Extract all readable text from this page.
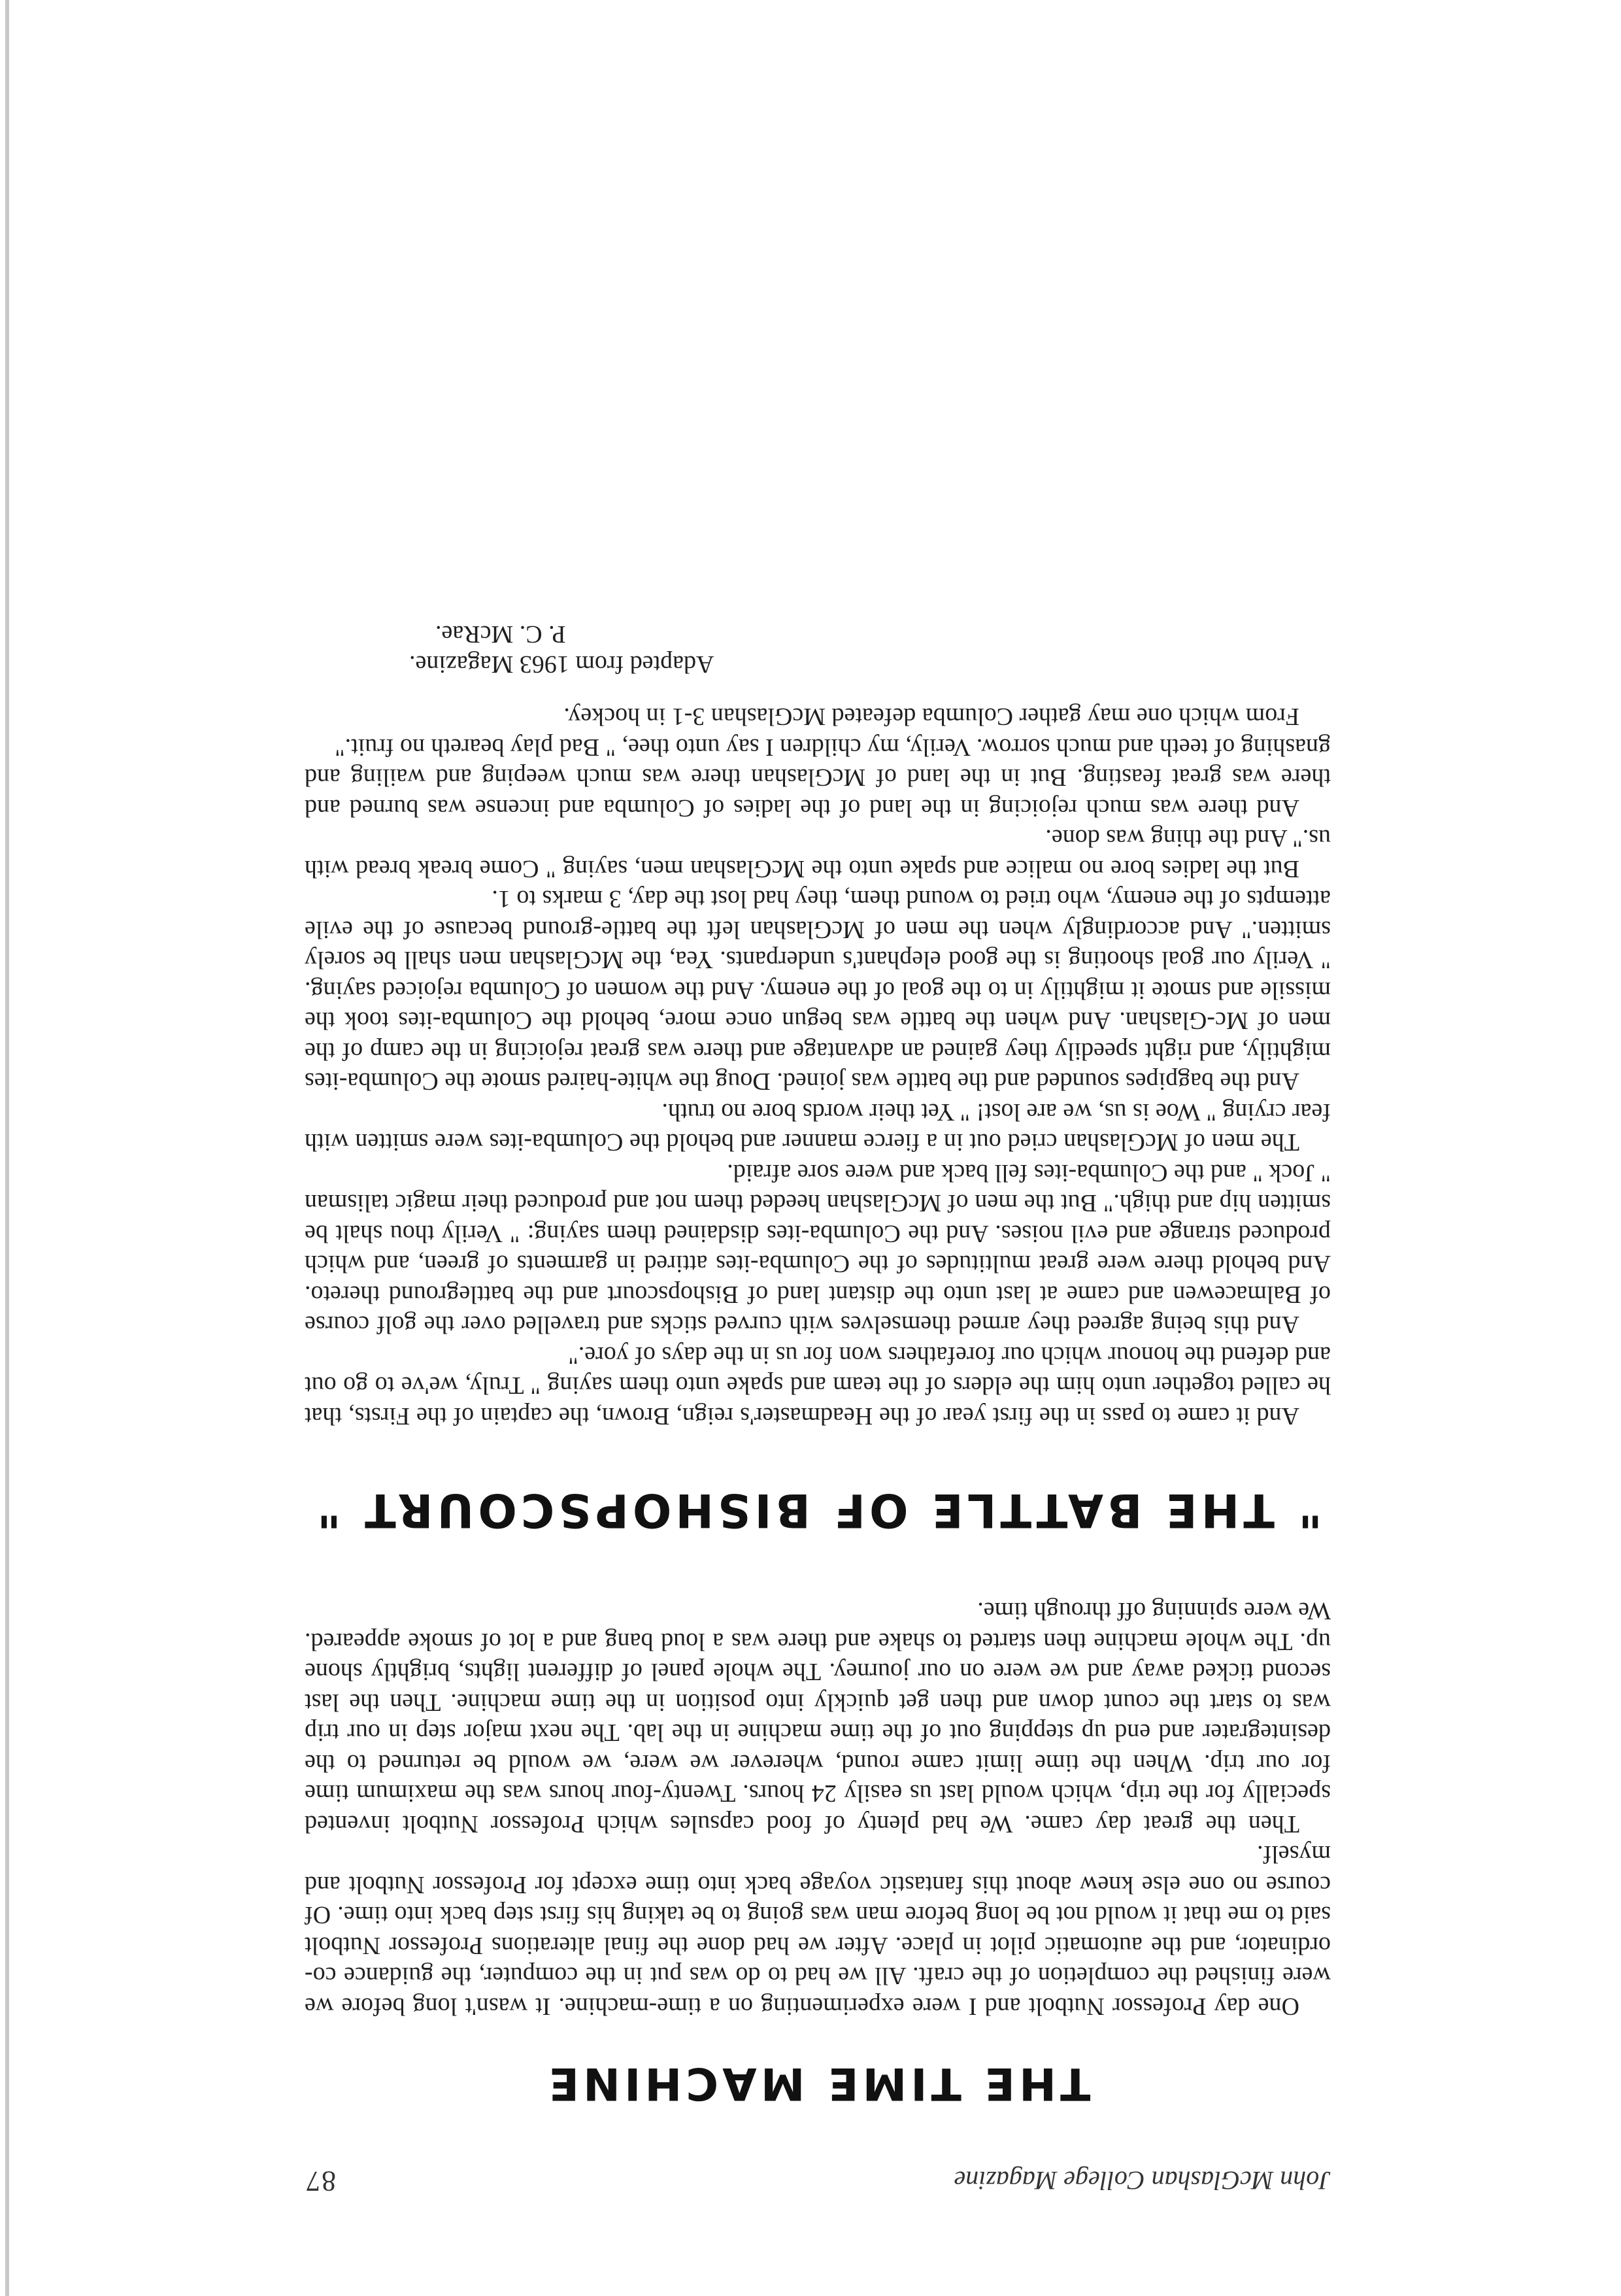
John McGlashan College Magazine
87
THE TIME MACHINE

One day Professor Nutbolt and I were experimenting on a time-machine. It wasn't long before we were finished the completion of the craft. All we had to do was put in the computer, the guidance co-ordinator, and the automatic pilot in place. After we had done the final alterations Professor Nutbolt said to me that it would not be long before man was going to be taking his first step back into time. Of course no one else knew about this fantastic voyage back into time except for Professor Nutbolt and myself.

Then the great day came. We had plenty of food capsules which Professor Nutbolt invented specially for the trip, which would last us easily 24 hours. Twenty-four hours was the maximum time for our trip. When the time limit came round, wherever we were, we would be returned to the desintegrater and end up stepping out of the time machine in the lab. The next major step in our trip was to start the count down and then get quickly into position in the time machine. Then the last second ticked away and we were on our journey. The whole panel of different lights, brightly shone up. The whole machine then started to shake and there was a loud bang and a lot of smoke appeared. We were spinning off through time.

" THE BATTLE OF BISHOPSCOURT "

And it came to pass in the first year of the Headmaster's reign, Brown, the captain of the Firsts, that he called together unto him the elders of the team and spake unto them saying " Truly, we've to go out and defend the honour which our forefathers won for us in the days of yore."

And this being agreed they armed themselves with curved sticks and travelled over the golf course of Balmacewen and came at last unto the distant land of Bishopscourt and the battleground thereto. And behold there were great multitudes of the Columba-ites attired in garments of green, and which produced strange and evil noises. And the Columba-ites disdained them saying: " Verily thou shalt be smitten hip and thigh." But the men of McGlashan heeded them not and produced their magic talisman " Jock " and the Columba-ites fell back and were sore afraid.

The men of McGlashan cried out in a fierce manner and behold the Columba-ites were smitten with fear crying " Woe is us, we are lost! " Yet their words bore no truth.

And the bagpipes sounded and the battle was joined. Doug the white-haired smote the Columba-ites mightily, and right speedily they gained an advantage and there was great rejoicing in the camp of the men of Mc-Glashan. And when the battle was begun once more, behold the Columba-ites took the missile and smote it mightily in to the goal of the enemy. And the women of Columba rejoiced saying. " Verily our goal shooting is the good elephant's underpants. Yea, the McGlashan men shall be sorely smitten." And accordingly when the men of McGlashan left the battle-ground because of the evile attempts of the enemy, who tried to wound them, they had lost the day, 3 marks to 1.

But the ladies bore no malice and spake unto the McGlashan men, saying " Come break bread with us." And the thing was done.

And there was much rejoicing in the land of the ladies of Columba and incense was burned and there was great feasting. But in the land of McGlashan there was much weeping and wailing and gnashing of teeth and much sorrow. Verily, my children I say unto thee, " Bad play beareth no fruit."

From which one may gather Columba defeated McGlashan 3-1 in hockey.

Adapted from 1963 Magazine.
P. C. McRae.
